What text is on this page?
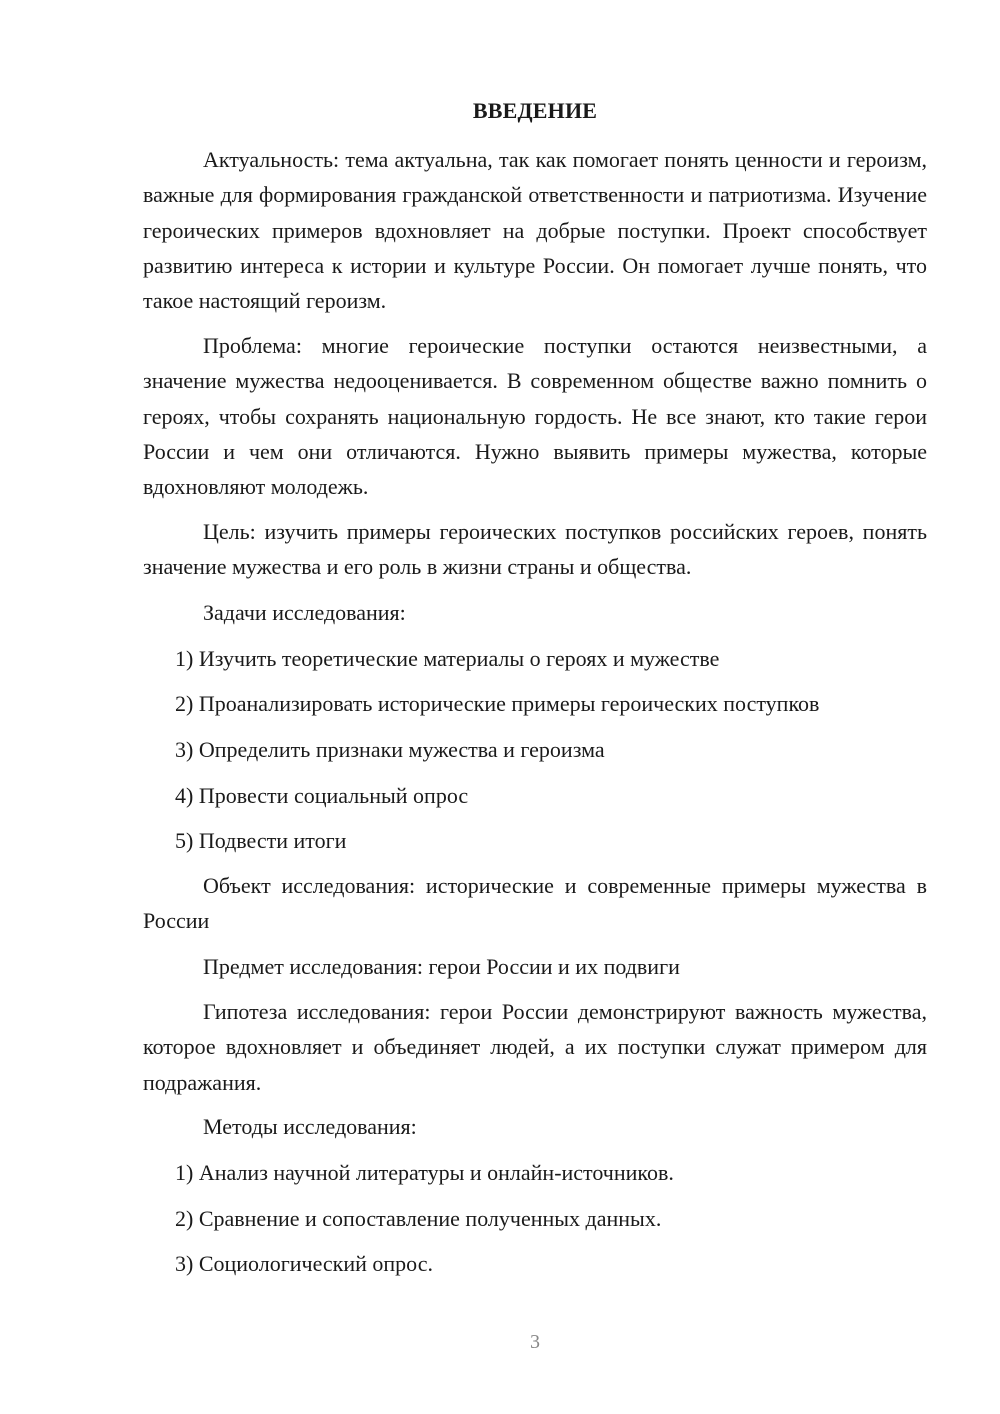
ВВЕДЕНИЕ

Актуальность: тема актуальна, так как помогает понять ценности и героизм, важные для формирования гражданской ответственности и патриотизма. Изучение героических примеров вдохновляет на добрые поступки. Проект способствует развитию интереса к истории и культуре России. Он помогает лучше понять, что такое настоящий героизм.

Проблема: многие героические поступки остаются неизвестными, а значение мужества недооценивается. В современном обществе важно помнить о героях, чтобы сохранять национальную гордость. Не все знают, кто такие герои России и чем они отличаются. Нужно выявить примеры мужества, которые вдохновляют молодежь.

Цель: изучить примеры героических поступков российских героев, понять значение мужества и его роль в жизни страны и общества.

Задачи исследования:

1) Изучить теоретические материалы о героях и мужестве

2) Проанализировать исторические примеры героических поступков

3) Определить признаки мужества и героизма

4) Провести социальный опрос

5) Подвести итоги

Объект исследования: исторические и современные примеры мужества в России

Предмет исследования: герои России и их подвиги

Гипотеза исследования: герои России демонстрируют важность мужества, которое вдохновляет и объединяет людей, а их поступки служат примером для подражания.

Методы исследования:

1) Анализ научной литературы и онлайн-источников.

2) Сравнение и сопоставление полученных данных.

3) Социологический опрос.

3
